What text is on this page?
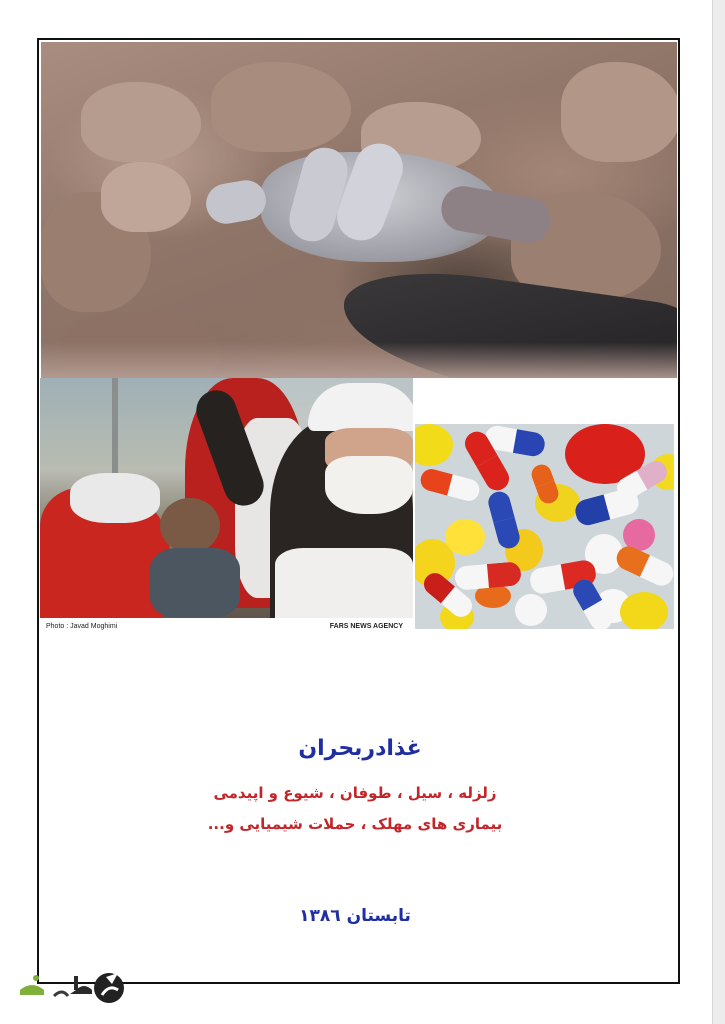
Photo : Javad Moghimi	FARS NEWS AGENCY
غذادربحران
زلزله ، سیل ، طوفان ، شیوع و اپیدمی
بیماری های مهلک ، حملات شیمیایی و...
تابستان ۱۳۸٦
